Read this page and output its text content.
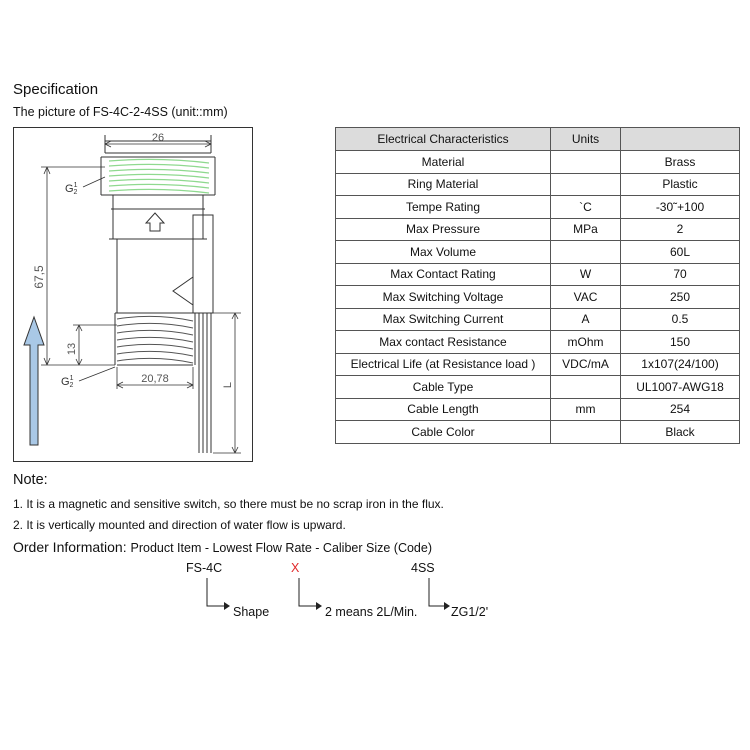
Specification
The picture of FS-4C-2-4SS (unit::mm)
26
67,5
13
20,78	L
$G^1$ 2
$G^1$ 2
Electrical Characteristics	Units	
Material		Brass
Ring Material		Plastic
Tempe Rating	`C	-30˜+100
Max Pressure	MPa	2
Max Volume		60L
Max Contact Rating	W	70
Max Switching Voltage	VAC	250
Max Switching Current	A	0.5
Max contact Resistance	mOhm	150
Electrical Life (at Resistance load )	VDC/mA	1x107(24/100)
Cable Type		UL1007-AWG18
Cable Length	mm	254
Cable Color		Black
Note:
1. It is a magnetic and sensitive switch, so there must be no scrap iron in the flux.
2. It is vertically mounted and direction of water flow is upward.
Order Information: Product Item - Lowest Flow Rate - Caliber Size (Code)
FS-4C	X	4SS
Shape	2 means 2L/Min.	ZG1/2'
